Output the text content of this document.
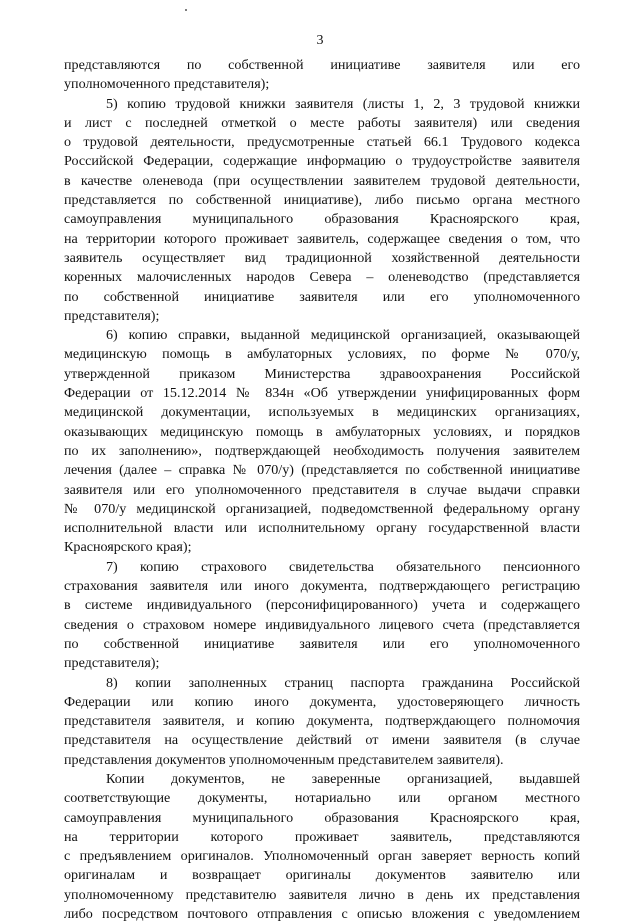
3
представляются по собственной инициативе заявителя или его
уполномоченного представителя);
5) копию трудовой книжки заявителя (листы 1, 2, 3 трудовой книжки
и лист с последней отметкой о месте работы заявителя) или сведения
о трудовой деятельности, предусмотренные статьей 66.1 Трудового кодекса
Российской Федерации, содержащие информацию о трудоустройстве заявителя
в качестве оленевода (при осуществлении заявителем трудовой деятельности,
представляется по собственной инициативе), либо письмо органа местного
самоуправления муниципального образования Красноярского края,
на территории которого проживает заявитель, содержащее сведения о том, что
заявитель осуществляет вид традиционной хозяйственной деятельности
коренных малочисленных народов Севера – оленеводство (представляется
по собственной инициативе заявителя или его уполномоченного
представителя);
6) копию справки, выданной медицинской организацией, оказывающей
медицинскую помощь в амбулаторных условиях, по форме № 070/у,
утвержденной приказом Министерства здравоохранения Российской
Федерации от 15.12.2014 № 834н «Об утверждении унифицированных форм
медицинской документации, используемых в медицинских организациях,
оказывающих медицинскую помощь в амбулаторных условиях, и порядков
по их заполнению», подтверждающей необходимость получения заявителем
лечения (далее – справка № 070/у) (представляется по собственной инициативе
заявителя или его уполномоченного представителя в случае выдачи справки
№ 070/у медицинской организацией, подведомственной федеральному органу
исполнительной власти или исполнительному органу государственной власти
Красноярского края);
7) копию страхового свидетельства обязательного пенсионного
страхования заявителя или иного документа, подтверждающего регистрацию
в системе индивидуального (персонифицированного) учета и содержащего
сведения о страховом номере индивидуального лицевого счета (представляется
по собственной инициативе заявителя или его уполномоченного
представителя);
8) копии заполненных страниц паспорта гражданина Российской
Федерации или копию иного документа, удостоверяющего личность
представителя заявителя, и копию документа, подтверждающего полномочия
представителя на осуществление действий от имени заявителя (в случае
представления документов уполномоченным представителем заявителя).
Копии документов, не заверенные организацией, выдавшей
соответствующие документы, нотариально или органом местного
самоуправления муниципального образования Красноярского края,
на территории которого проживает заявитель, представляются
с предъявлением оригиналов. Уполномоченный орган заверяет верность копий
оригиналам и возвращает оригиналы документов заявителю или
уполномоченному представителю заявителя лично в день их представления
либо посредством почтового отправления с описью вложения с уведомлением
